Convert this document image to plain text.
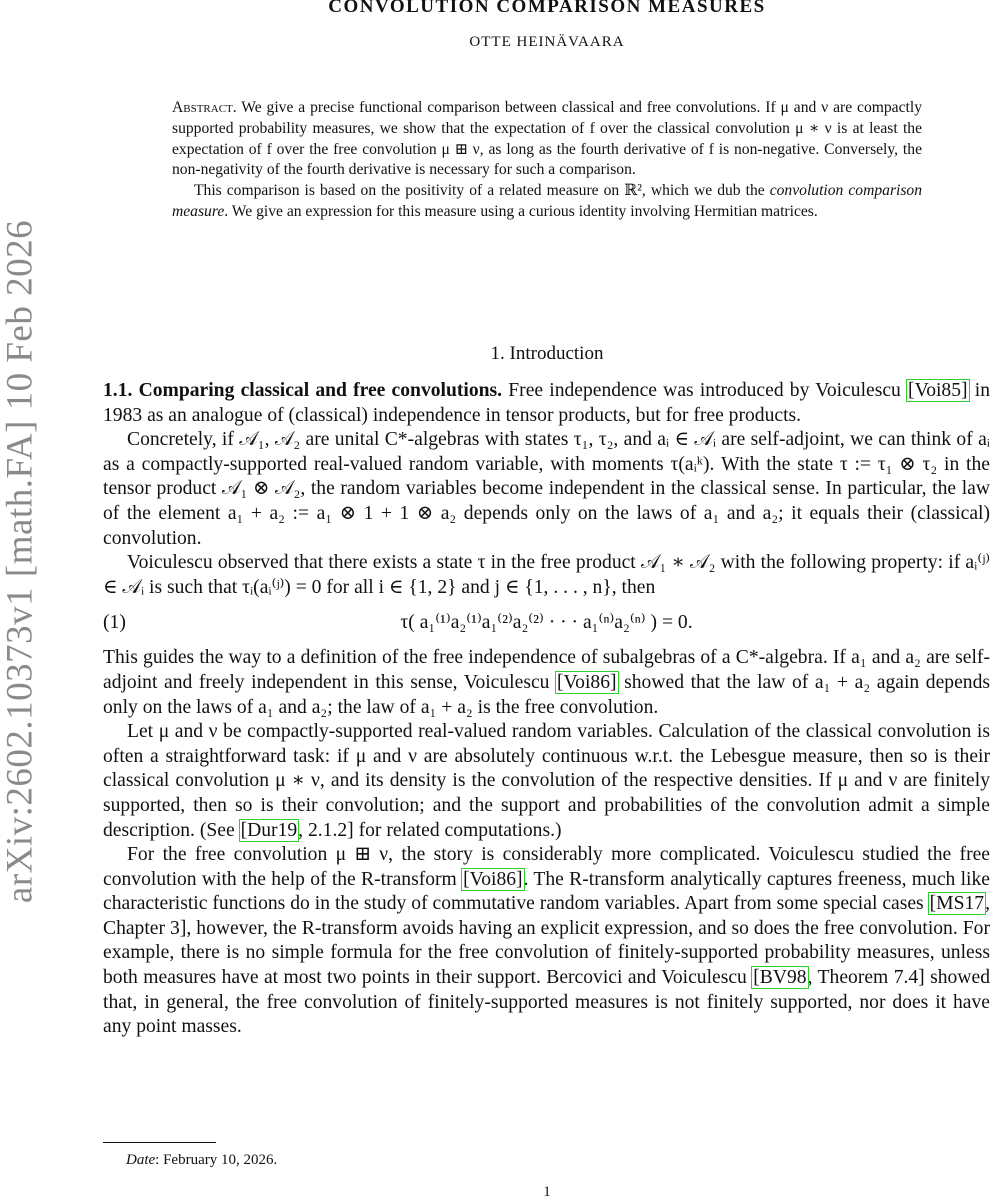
arXiv:2602.10373v1 [math.FA] 10 Feb 2026
CONVOLUTION COMPARISON MEASURES
OTTE HEINÄVAARA

Abstract. We give a precise functional comparison between classical and free convolutions. If μ and ν are compactly supported probability measures, we show that the expectation of f over the classical convolution μ ∗ ν is at least the expectation of f over the free convolution μ ⊞ ν, as long as the fourth derivative of f is non-negative. Conversely, the non-negativity of the fourth derivative is necessary for such a comparison.

This comparison is based on the positivity of a related measure on ℝ², which we dub the convolution comparison measure. We give an expression for this measure using a curious identity involving Hermitian matrices.

1. Introduction

1.1. Comparing classical and free convolutions. Free independence was introduced by Voiculescu [Voi85] in 1983 as an analogue of (classical) independence in tensor products, but for free products.

Concretely, if 𝒜₁, 𝒜₂ are unital C*-algebras with states τ₁, τ₂, and aᵢ ∈ 𝒜ᵢ are self-adjoint, we can think of aᵢ as a compactly-supported real-valued random variable, with moments τ(aᵢᵏ). With the state τ := τ₁ ⊗ τ₂ in the tensor product 𝒜₁ ⊗ 𝒜₂, the random variables become independent in the classical sense. In particular, the law of the element a₁ + a₂ := a₁ ⊗ 1 + 1 ⊗ a₂ depends only on the laws of a₁ and a₂; it equals their (classical) convolution.

Voiculescu observed that there exists a state τ in the free product 𝒜₁ ∗ 𝒜₂ with the following property: if aᵢ⁽ʲ⁾ ∈ 𝒜ᵢ is such that τᵢ(aᵢ⁽ʲ⁾) = 0 for all i ∈ {1, 2} and j ∈ {1, . . . , n}, then

(1)	τ( a₁⁽¹⁾a₂⁽¹⁾a₁⁽²⁾a₂⁽²⁾ · · · a₁⁽ⁿ⁾a₂⁽ⁿ⁾ ) = 0.

This guides the way to a definition of the free independence of subalgebras of a C*-algebra. If a₁ and a₂ are self-adjoint and freely independent in this sense, Voiculescu [Voi86] showed that the law of a₁ + a₂ again depends only on the laws of a₁ and a₂; the law of a₁ + a₂ is the free convolution.

Let μ and ν be compactly-supported real-valued random variables. Calculation of the classical convolution is often a straightforward task: if μ and ν are absolutely continuous w.r.t. the Lebesgue measure, then so is their classical convolution μ ∗ ν, and its density is the convolution of the respective densities. If μ and ν are finitely supported, then so is their convolution; and the support and probabilities of the convolution admit a simple description. (See [Dur19, 2.1.2] for related computations.)

For the free convolution μ ⊞ ν, the story is considerably more complicated. Voiculescu studied the free convolution with the help of the R-transform [Voi86]. The R-transform analytically captures freeness, much like characteristic functions do in the study of commutative random variables. Apart from some special cases [MS17, Chapter 3], however, the R-transform avoids having an explicit expression, and so does the free convolution. For example, there is no simple formula for the free convolution of finitely-supported probability measures, unless both measures have at most two points in their support. Bercovici and Voiculescu [BV98, Theorem 7.4] showed that, in general, the free convolution of finitely-supported measures is not finitely supported, nor does it have any point masses.

Date: February 10, 2026.
1
